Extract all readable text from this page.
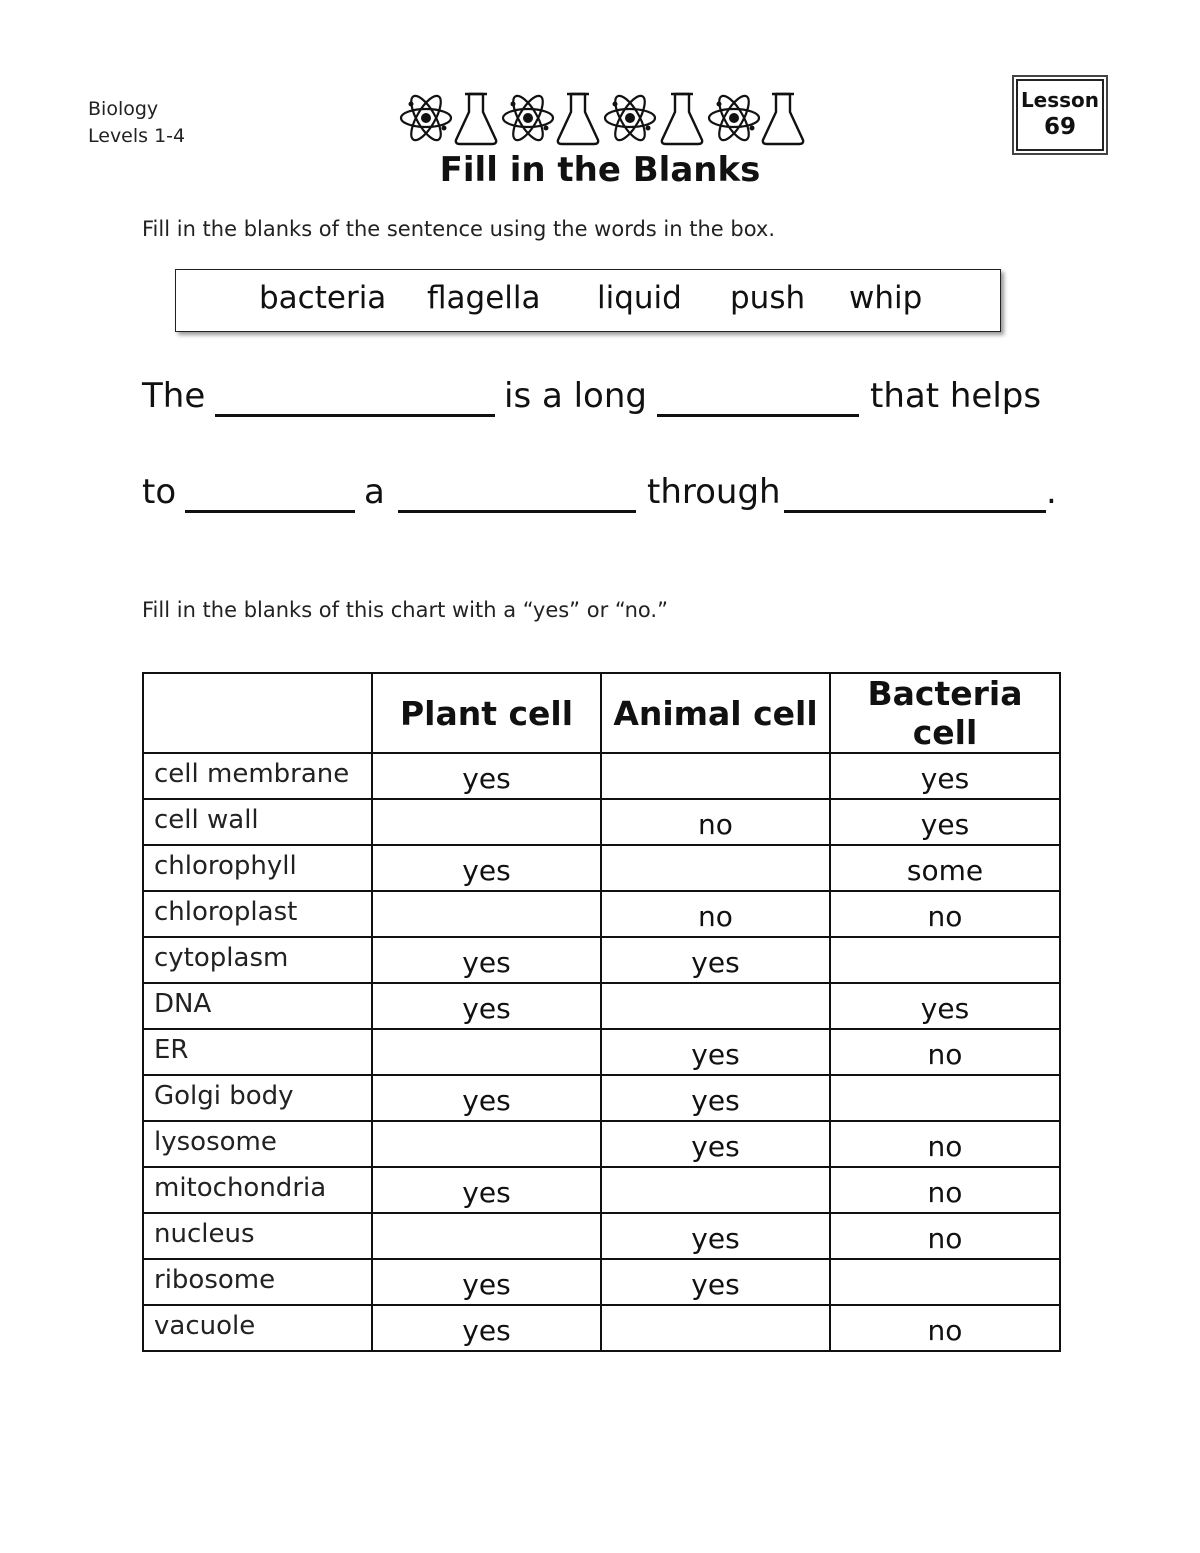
Biology
Levels 1-4
Lesson
69
Fill in the Blanks
Fill in the blanks of the sentence using the words in the box.
bacteria flagella liquid push whip
The	is a long	that helps
to	a	through	.
Fill in the blanks of this chart with a “yes” or “no.”
	Plant cell	Animal cell	Bacteria cell
cell membrane	yes		yes
cell wall		no	yes
chlorophyll	yes		some
chloroplast		no	no
cytoplasm	yes	yes	
DNA	yes		yes
ER		yes	no
Golgi body	yes	yes	
lysosome		yes	no
mitochondria	yes		no
nucleus		yes	no
ribosome	yes	yes	
vacuole	yes		no
